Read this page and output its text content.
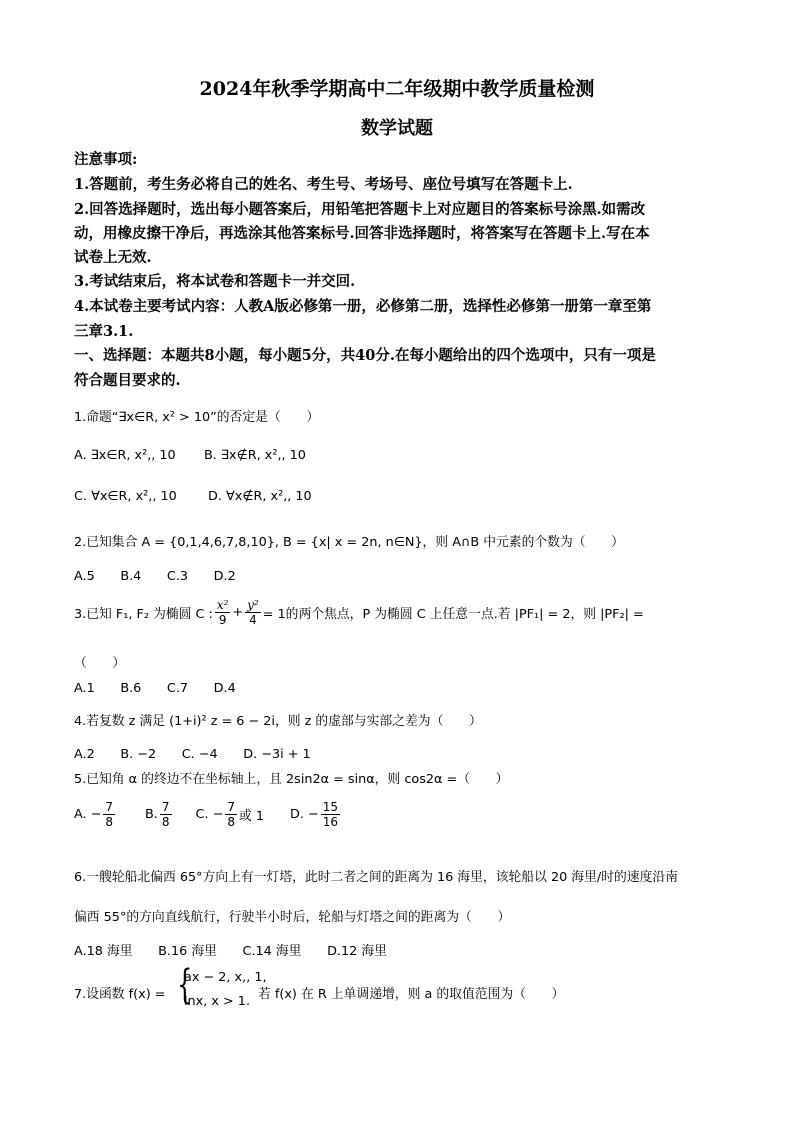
2024年秋季学期高中二年级期中教学质量检测
数学试题
注意事项:
1.答题前，考生务必将自己的姓名、考生号、考场号、座位号填写在答题卡上.
2.回答选择题时，选出每小题答案后，用铅笔把答题卡上对应题目的答案标号涂黑.如需改
动，用橡皮擦干净后，再选涂其他答案标号.回答非选择题时，将答案写在答题卡上.写在本
试卷上无效.
3.考试结束后，将本试卷和答题卡一并交回.
4.本试卷主要考试内容：人教A版必修第一册，必修第二册，选择性必修第一册第一章至第
三章3.1.
一、选择题：本题共8小题，每小题5分，共40分.在每小题给出的四个选项中，只有一项是
符合题目要求的.
1.命题“∃x∈R, x² > 10”的否定是（　　）
A. ∃x∈R, x²,, 10 B. ∃x∉R, x²,, 10
C. ∀x∈R, x²,, 10 D. ∀x∉R, x²,, 10
2.已知集合 A = {0,1,4,6,7,8,10}, B = {x| x = 2n, n∈N}，则 A∩B 中元素的个数为（　　）
A.5　　B.4　　C.3　　D.2
3.已知 F₁, F₂ 为椭圆 C : $\frac{\text{x²}}{9} + \frac{\text{y²}}{4} = 1$的两个焦点，P 为椭圆 C 上任意一点.若 |PF₁| = 2，则 |PF₂| =
（　　）
A.1　　B.6　　C.7　　D.4
4.若复数 z 满足 (1+i)² z = 6 − 2i，则 z 的虚部与实部之差为（　　）
A.2　　B. −2　　C. −4　　D. −3i + 1
5.已知角 α 的终边不在坐标轴上，且 2sin2α = sinα，则 cos2α =（　　）
A. − $\frac{7}{8} B$. $\frac{7}{8} C$. − $\frac{7}{8}$ 或 1 D. − $\frac{15}{16}$
6.一艘轮船北偏西 65°方向上有一灯塔，此时二者之间的距离为 16 海里，该轮船以 20 海里/时的速度沿南
偏西 55°的方向直线航行，行驶半小时后，轮船与灯塔之间的距离为（　　）
A.18 海里　　B.16 海里　　C.14 海里　　D.12 海里
7.设函数 f(x) = {
ax − 2, x,, 1,
lnx, x > 1. 若 f(x) 在 R 上单调递增，则 a 的取值范围为（　　）
